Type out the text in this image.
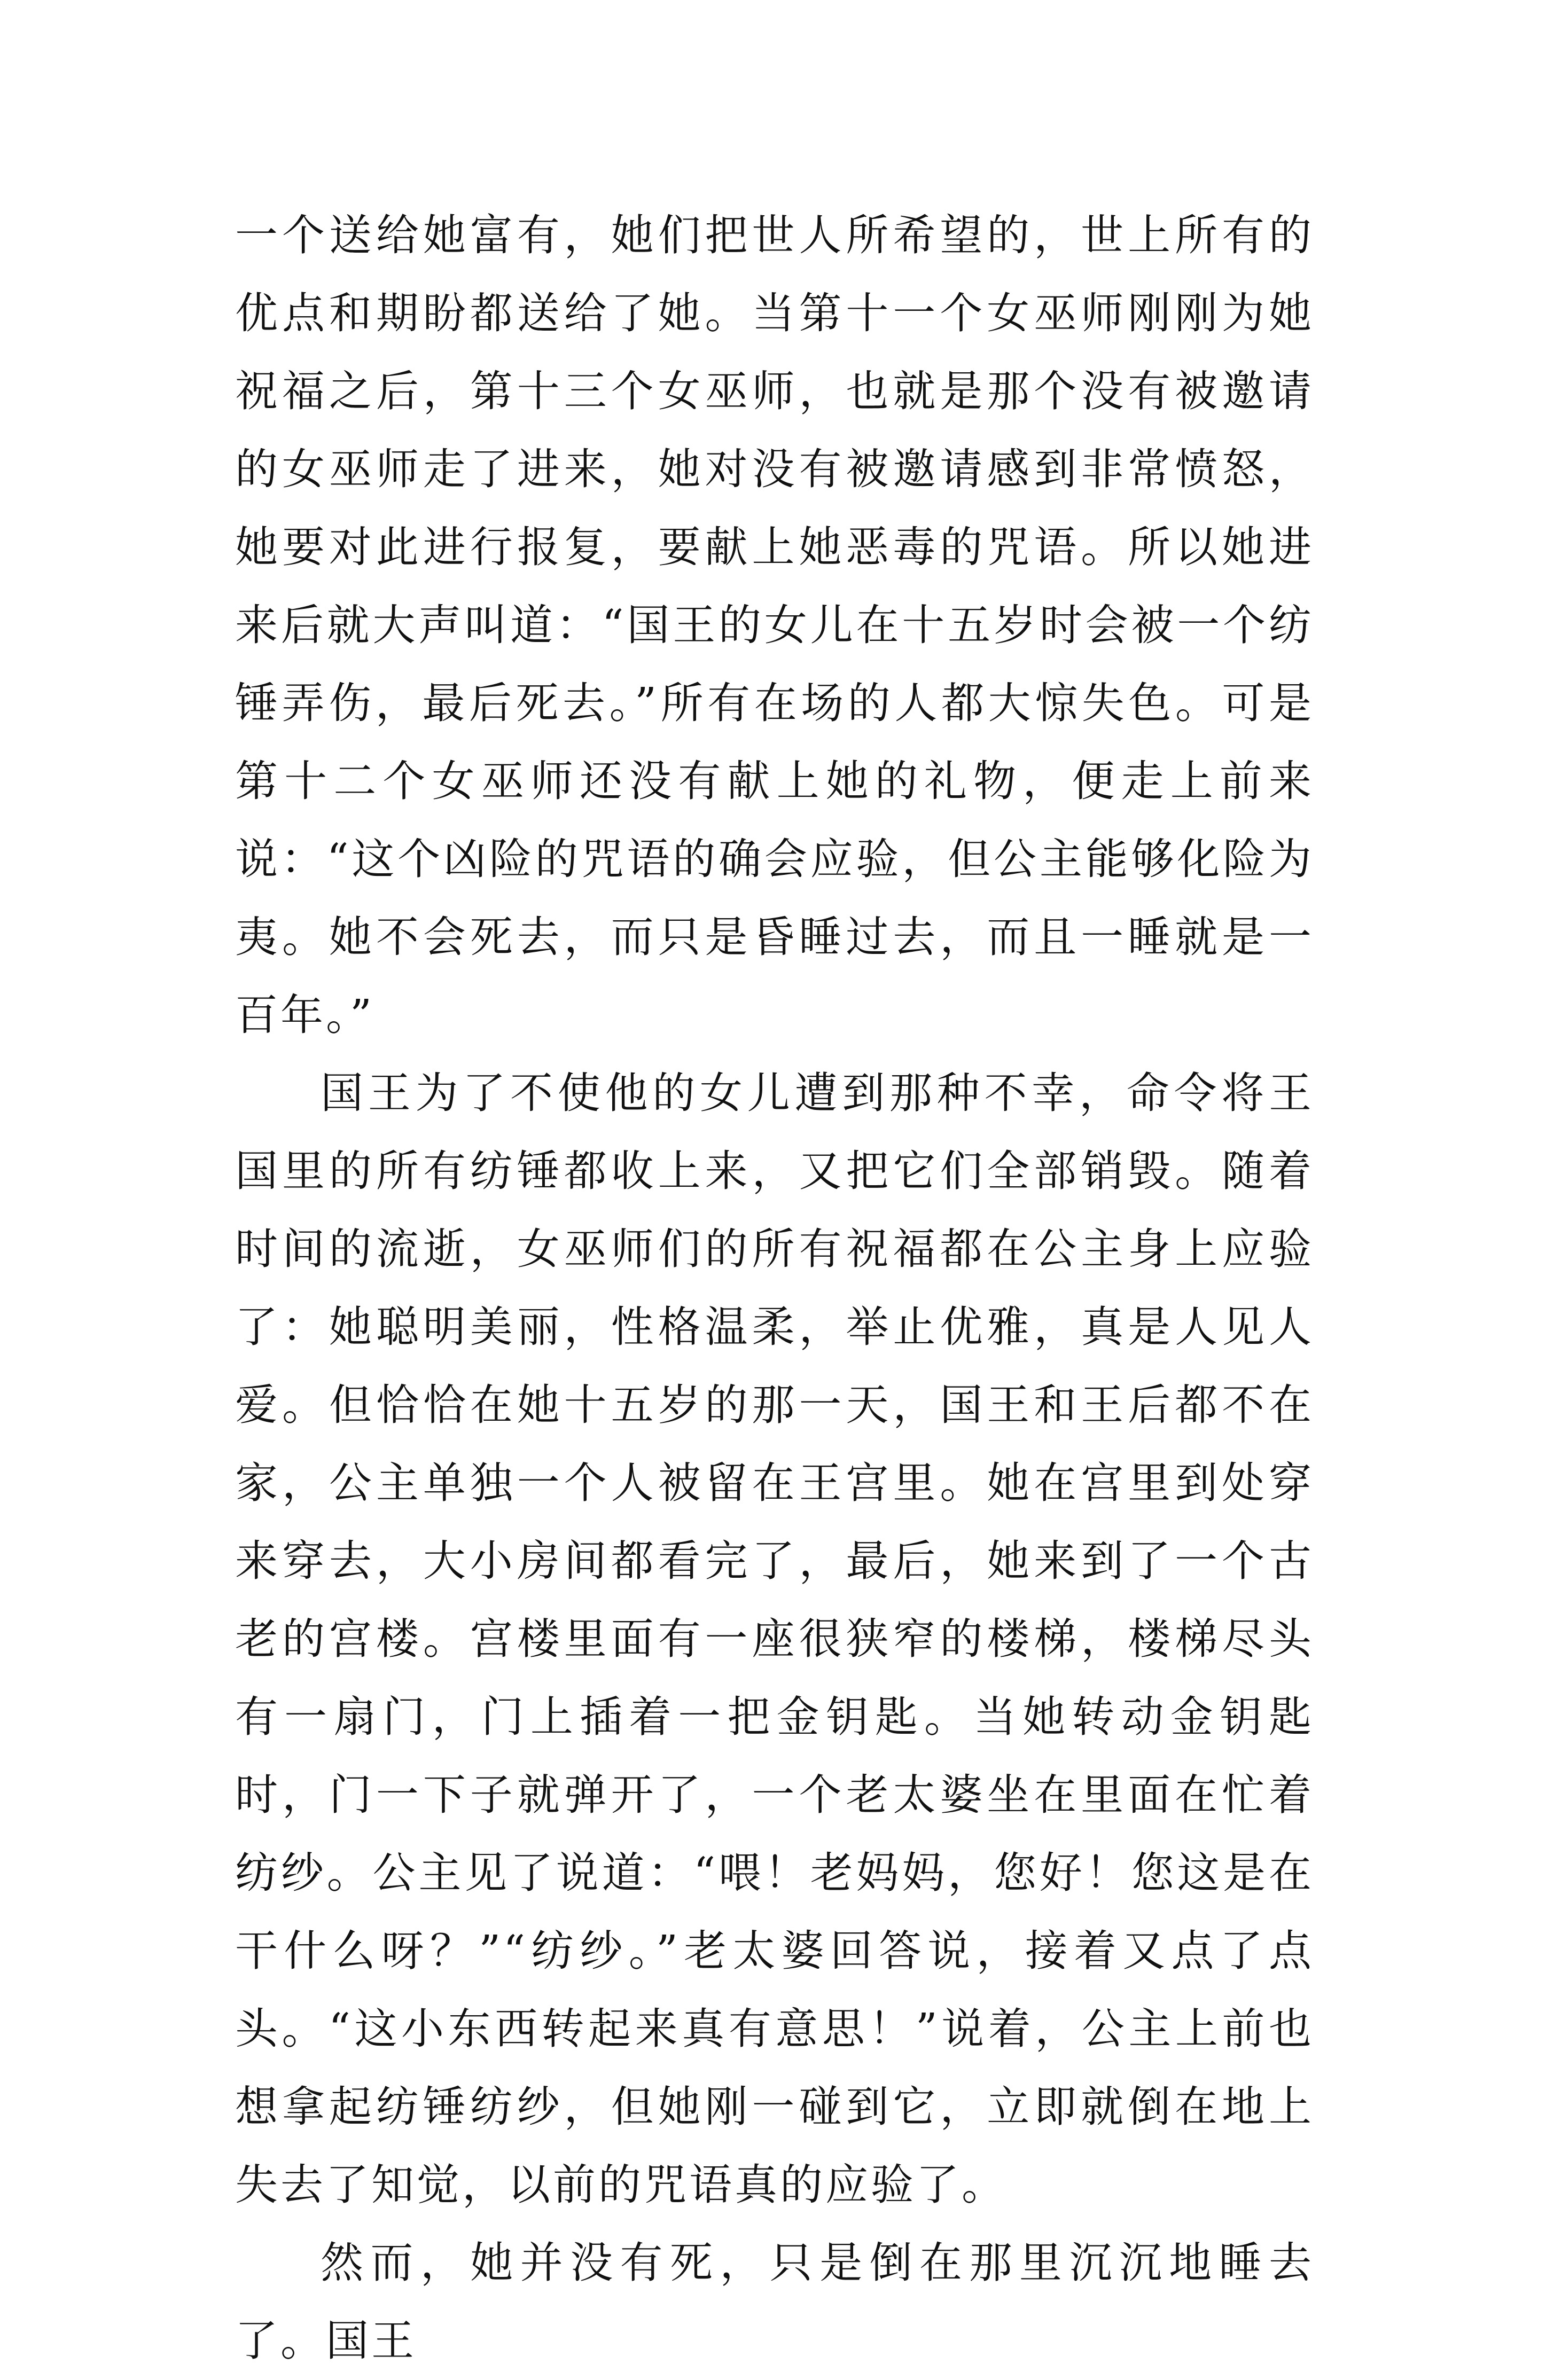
一个送给她富有，她们把世人所希望的，世上所有的优点和期盼都送给了她。当第十一个女巫师刚刚为她祝福之后，第十三个女巫师，也就是那个没有被邀请的女巫师走了进来，她对没有被邀请感到非常愤怒，她要对此进行报复，要献上她恶毒的咒语。所以她进来后就大声叫道：“国王的女儿在十五岁时会被一个纺锤弄伤，最后死去。”所有在场的人都大惊失色。可是第十二个女巫师还没有献上她的礼物，便走上前来说：“这个凶险的咒语的确会应验，但公主能够化险为夷。她不会死去，而只是昏睡过去，而且一睡就是一百年。”

国王为了不使他的女儿遭到那种不幸，命令将王国里的所有纺锤都收上来，又把它们全部销毁。随着时间的流逝，女巫师们的所有祝福都在公主身上应验了：她聪明美丽，性格温柔，举止优雅，真是人见人爱。但恰恰在她十五岁的那一天，国王和王后都不在家，公主单独一个人被留在王宫里。她在宫里到处穿来穿去，大小房间都看完了，最后，她来到了一个古老的宫楼。宫楼里面有一座很狭窄的楼梯，楼梯尽头有一扇门，门上插着一把金钥匙。当她转动金钥匙时，门一下子就弹开了，一个老太婆坐在里面在忙着纺纱。公主见了说道：“喂！老妈妈，您好！您这是在干什么呀？”“纺纱。”老太婆回答说，接着又点了点头。“这小东西转起来真有意思！”说着，公主上前也想拿起纺锤纺纱，但她刚一碰到它，立即就倒在地上失去了知觉，以前的咒语真的应验了。

然而，她并没有死，只是倒在那里沉沉地睡去了。国王
